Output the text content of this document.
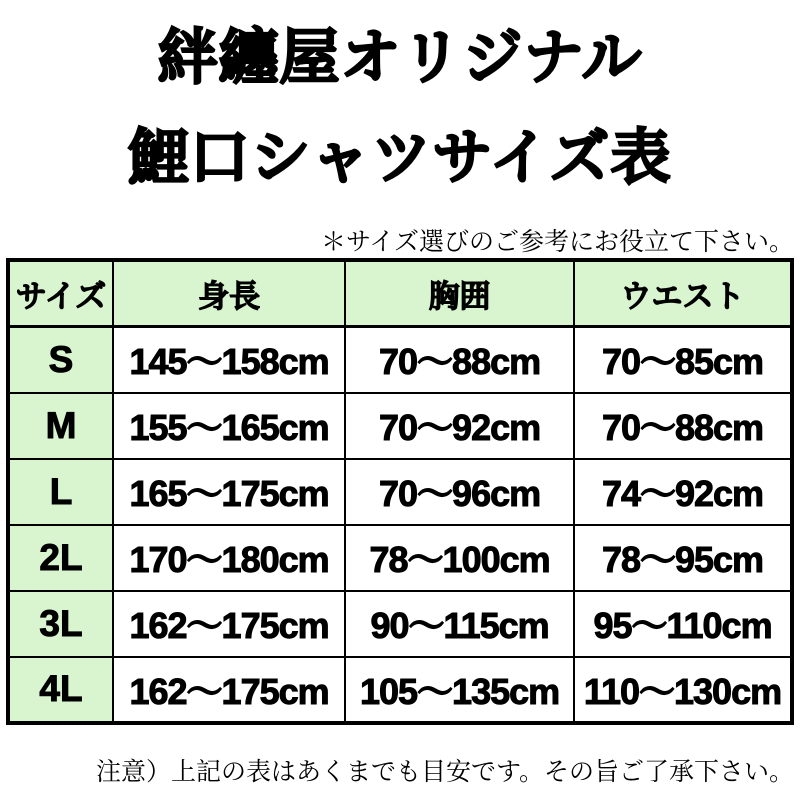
絆纏屋オリジナル
鯉口シャツサイズ表
＊サイズ選びのご参考にお役立て下さい。
サイズ	身長	胸囲	ウエスト
S	145〜158cm	70〜88cm	70〜85cm
M	155〜165cm	70〜92cm	70〜88cm
L	165〜175cm	70〜96cm	74〜92cm
2L	170〜180cm	78〜100cm	78〜95cm
3L	162〜175cm	90〜115cm	95〜110cm
4L	162〜175cm	105〜135cm	110〜130cm
注意）上記の表はあくまでも目安です。その旨ご了承下さい。
